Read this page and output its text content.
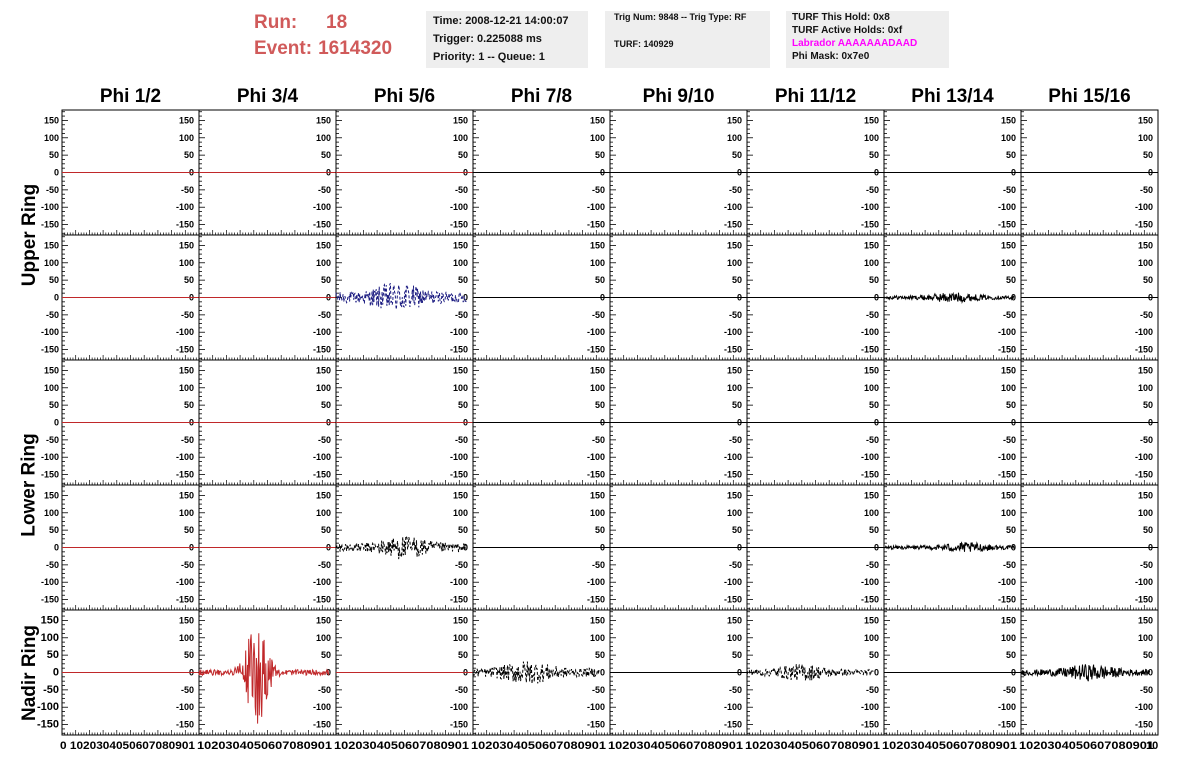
Run:	18
Event: 1614320
Time: 2008-12-21 14:00:07
Trigger: 0.225088 ms
Priority: 1 -- Queue: 1
Trig Num: 9848 -- Trig Type: RF
TURF: 140929
TURF This Hold: 0x8
TURF Active Holds: 0xf
Labrador AAAAAAADAAD
Phi Mask: 0x7e0
Phi 1/2	Phi 3/4	Phi 5/6	Phi 7/8	Phi 9/10	Phi 11/12	Phi 13/14	Phi 15/16
Upper Ring
Lower Ring
Nadir Ring
150
100
50
0
-50
-100
-150
150
100
50
0
-50
-100
-150
150
100
50
0
-50
-100
-150
150
100
50
0
-50
-100
-150
150
100
50
0
-50
-100
-150
150
100
50
0
-50
-100
-150
150
100
50
0
-50
-100
-150
150
100
50
0
-50
-100
-150
150
100
50
0
-50
-100
-150
150
100
50
0
-50
-100
-150
150
100
50
0
-50
-100
-150
150
100
50
0
-50
-100
-150
150
100
50
0
-50
-100
-150
150
100
50
0
-50
-100
-150
150
100
50
0
-50
-100
-150
150
100
50
0
-50
-100
-150
150
100
50
0
-50
-100
-150
150
100
50
0
-50
-100
-150
150
100
50
0
-50
-100
-150
150
100
50
0
-50
-100
-150
150
100
50
0
-50
-100
-150
150
100
50
0
-50
-100
-150
150
100
50
0
-50
-100
-150
150
100
50
0
-50
-100
-150
150
100
50
0
-50
-100
-150
150
100
50
0
-50
-100
-150
150
100
50
0
-50
-100
-150
150
100
50
0
-50
-100
-150
150
100
50
0
-50
-100
-150
150
100
50
0
-50
-100
-150
150
100
50
0
-50
-100
-150
150
100
50
0
-50
-100
-150
150
100
50
0
-50
-100
-150
150
100
50
0
-50
-100
-150
150
100
50
0
-50
-100
-150
150
100
50
0
-50
-100
-150
150
100
50
0
-50
-100
-150
150
100
50
0
-50
-100
-150
150
100
50
0
-50
-100
-150
150
100
50
0
-50
-100
-150
150
100
50
0
-50
-100
-150
150
100
50
0
-50
-100
-150
150
100
50
0
-50
-100
-150
150
100
50
0
-50
-100
-150
150
100
50
0
-50
-100
-150
0 1020304050607080901 1020304050607080901 1020304050607080901 1020304050607080901 1020304050607080901 1020304050607080901 1020304050607080901 1020304050607080901
10
